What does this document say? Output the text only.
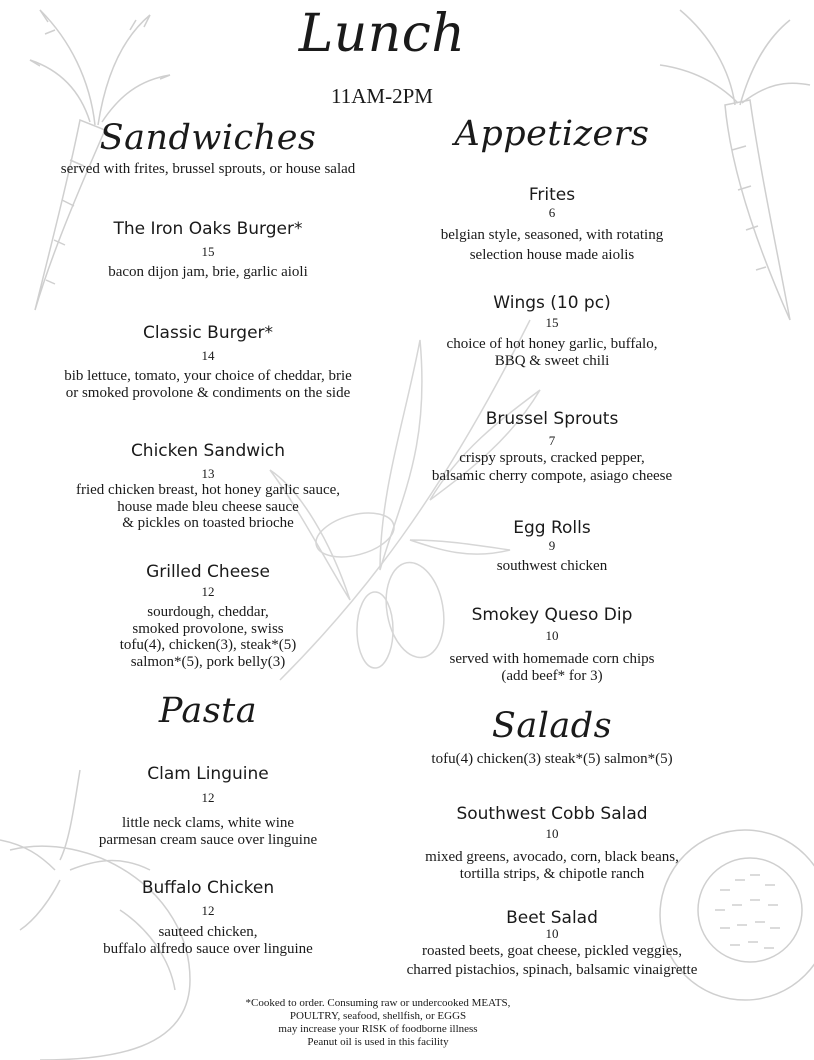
Lunch
11AM-2PM
Sandwiches
served with frites, brussel sprouts, or house salad
The Iron Oaks Burger*
15
bacon dijon jam, brie, garlic aioli
Classic Burger*
14
bib lettuce, tomato, your choice of cheddar, brie
or smoked provolone & condiments on the side
Chicken Sandwich
13
fried chicken breast, hot honey garlic sauce,
house made bleu cheese sauce
& pickles on toasted brioche
Grilled Cheese
12
sourdough, cheddar,
smoked provolone, swiss
tofu(4), chicken(3), steak*(5)
salmon*(5), pork belly(3)
Pasta
Clam Linguine
12
little neck clams, white wine
parmesan cream sauce over linguine
Buffalo Chicken
12
sauteed chicken,
buffalo alfredo sauce over linguine
Appetizers
Frites
6
belgian style, seasoned, with rotating
selection house made aiolis
Wings (10 pc)
15
choice of hot honey garlic, buffalo,
BBQ & sweet chili
Brussel Sprouts
7
crispy sprouts, cracked pepper,
balsamic cherry compote, asiago cheese
Egg Rolls
9
southwest chicken
Smokey Queso Dip
10
served with homemade corn chips
(add beef* for 3)
Salads
tofu(4) chicken(3) steak*(5) salmon*(5)
Southwest Cobb Salad
10
mixed greens, avocado, corn, black beans,
tortilla strips, & chipotle ranch
Beet Salad
10
roasted beets, goat cheese, pickled veggies,
charred pistachios, spinach, balsamic vinaigrette
*Cooked to order. Consuming raw or undercooked MEATS,
POULTRY, seafood, shellfish, or EGGS
may increase your RISK of foodborne illness
Peanut oil is used in this facility
